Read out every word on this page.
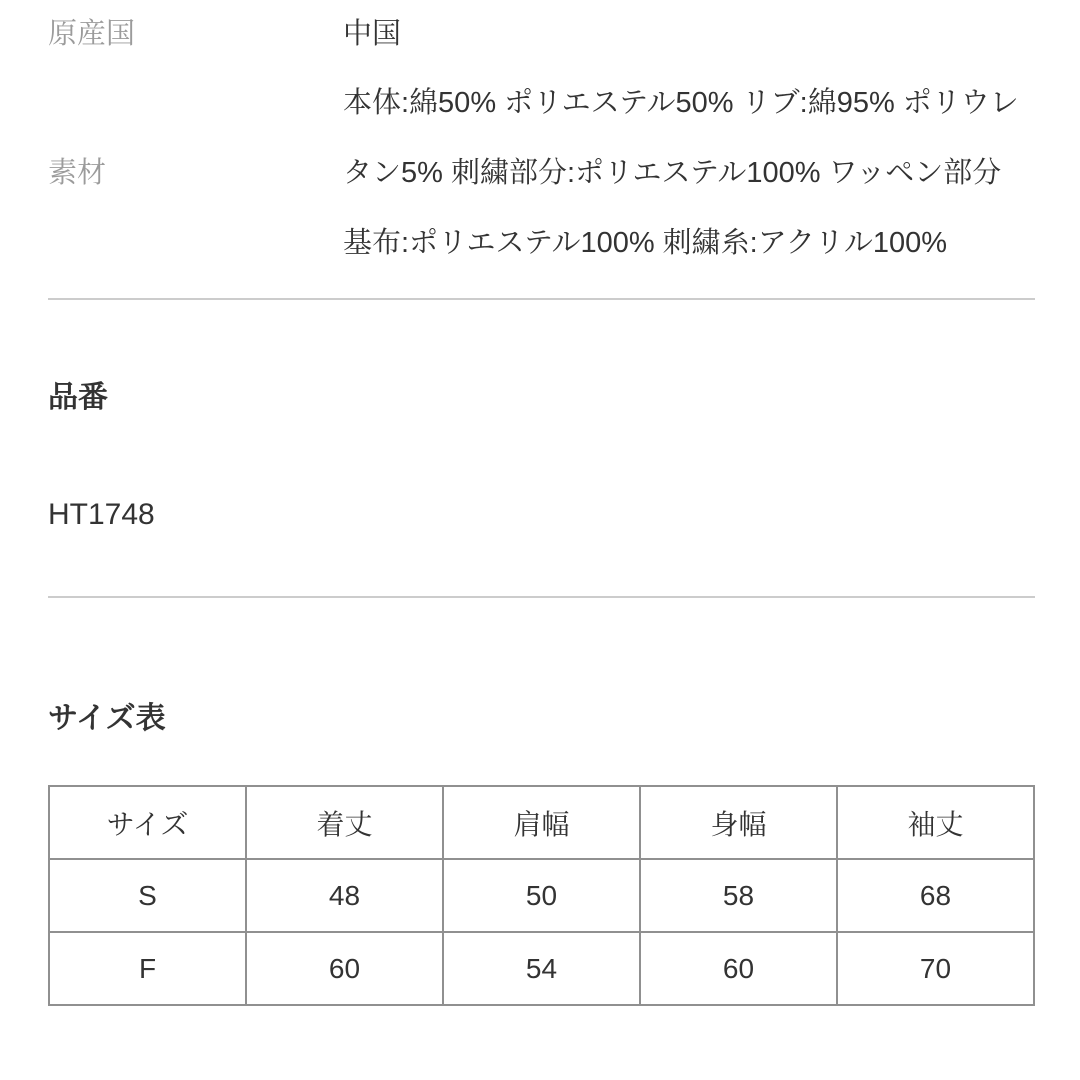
原産国	中国
素材
本体:綿50% ポリエステル50% リブ:綿95% ポリウレタン5% 刺繍部分:ポリエステル100% ワッペン部分 基布:ポリエステル100% 刺繍糸:アクリル100%
品番
HT1748
サイズ表
サイズ	着丈	肩幅	身幅	袖丈
S	48	50	58	68
F	60	54	60	70
